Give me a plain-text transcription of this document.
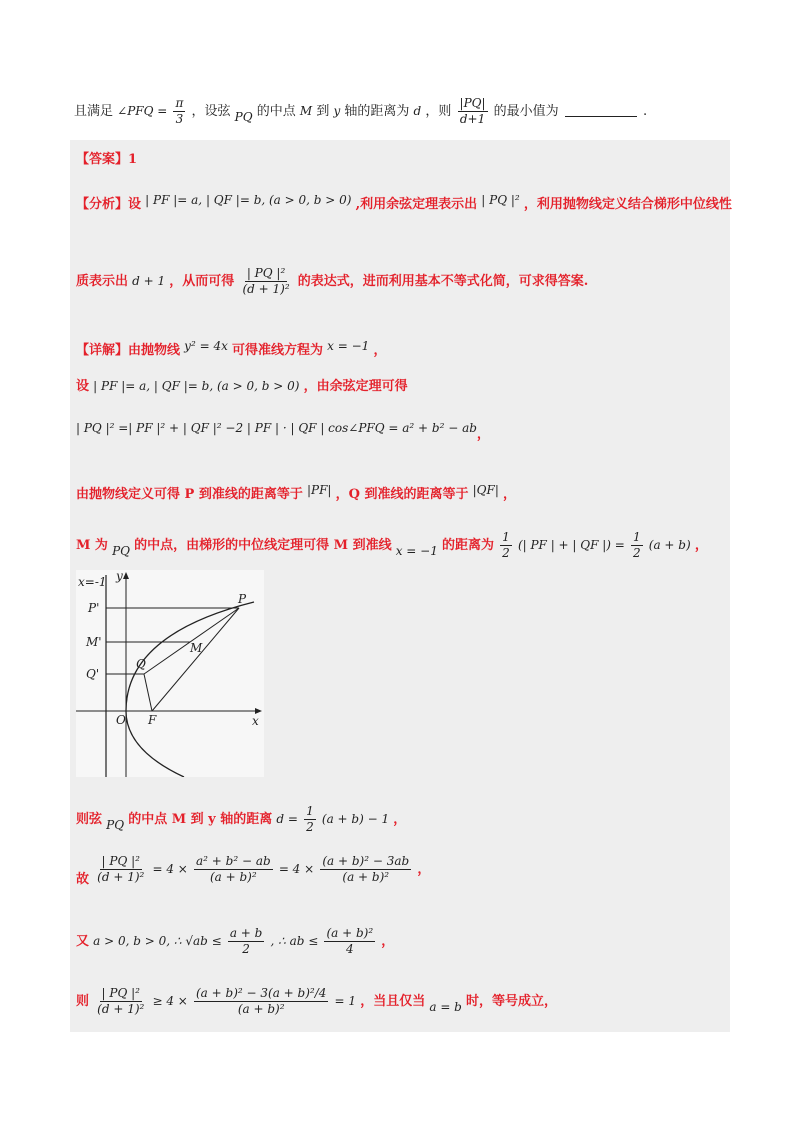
且满足 ∠PFQ = $\frac{\pi}{3}$ ，设弦 PQ 的中点 M 到 y 轴的距离为 d ，则 $\frac{|PQ|}{d+1}$ 的最小值为	.
【答案】1
【分析】设 | PF |= a, | QF |= b, (a > 0, b > 0) ,利用余弦定理表示出 | PQ |² ，利用抛物线定义结合梯形中位线性
质表示出 d + 1 ，从而可得 $\frac{\text{| PQ |²}}{\text{(d + 1)²}}$ 的表达式，进而利用基本不等式化简，可求得答案.
【详解】由抛物线 y² = 4x 可得准线方程为 x = −1 ，
设 | PF |= a, | QF |= b, (a > 0, b > 0) ，由余弦定理可得
| PQ |² =| PF |² + | QF |² −2 | PF | · | QF | cos∠PFQ = a² + b² − ab，
由抛物线定义可得 P 到准线的距离等于 |PF| ，Q 到准线的距离等于 |QF| ，
M 为 PQ 的中点，由梯形的中位线定理可得 M 到准线 x = −1 的距离为 $\frac{1}{2}$ (| PF | + | QF |) = $\frac{1}{2} (a + b)$ ，
则弦 PQ 的中点 M 到 y 轴的距离 $d = \frac{1}{2} (a + b) - 1$ ，
故 $\frac{\text{| PQ |²}}{\text{(d + 1)²}} = 4 \times \frac{\text{a² + b² − ab}}{\text{(a + b)²}} = 4 \times \frac{\text{(a + b)² − 3ab}}{\text{(a + b)²}}$ ，
又 a > 0, b > 0, ∴ $√ab \le \frac{a + b}{2}$ , ∴ ab ≤ $\frac{\text{(a + b)²}}{4}$ ，
则 $\frac{\text{| PQ |²}}{\text{(d + 1)²}} \ge 4 \times \frac{\text{(a + b)² − 3(a + b)²/4}}{\text{(a + b)²}} = 1$ ，当且仅当 a = b 时，等号成立，
x=-1 y
x
O F
P
P'
M
M'
Q
Q'
